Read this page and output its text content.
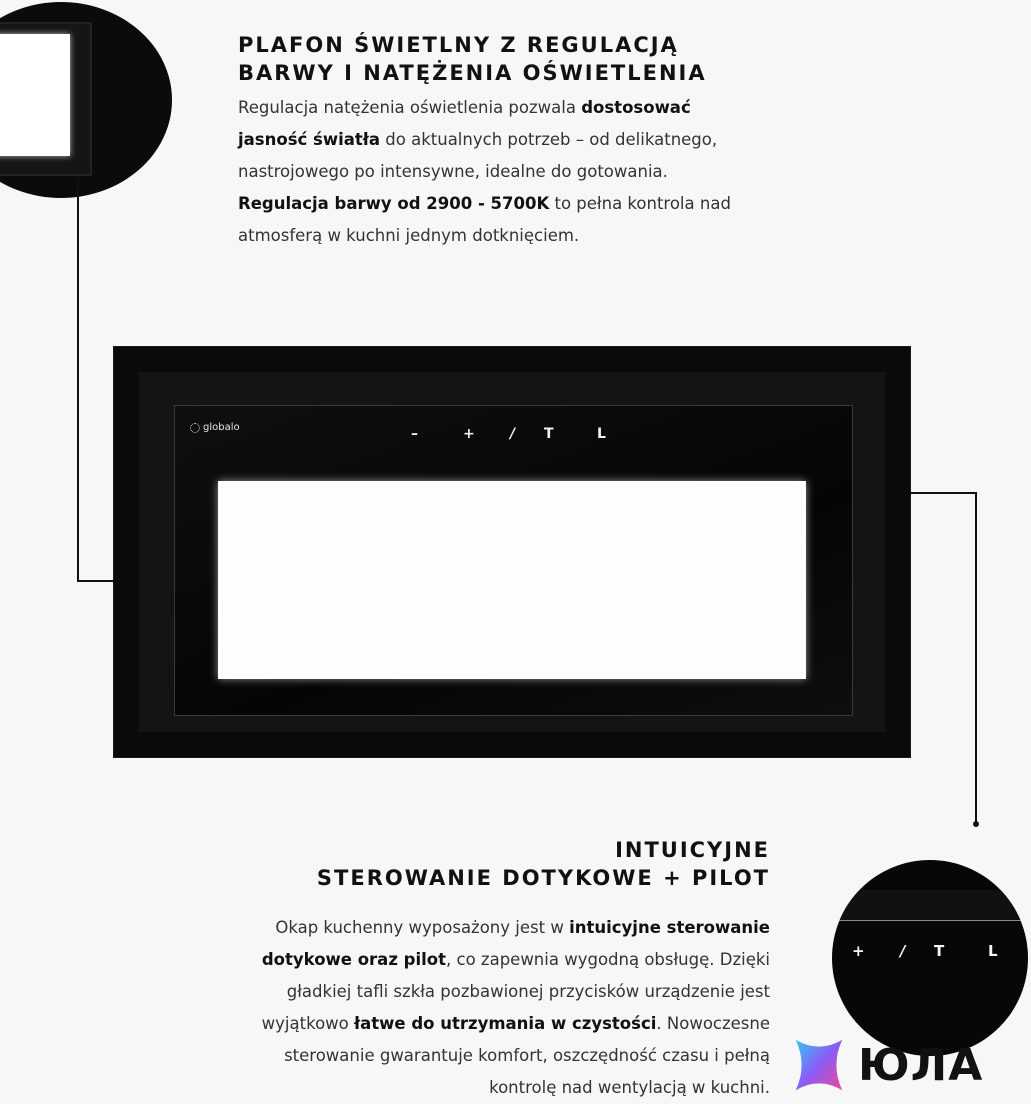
PLAFON ŚWIETLNY Z REGULACJĄ
BARWY I NATĘŻENIA OŚWIETLENIA
Regulacja natężenia oświetlenia pozwala dostosować
jasność światła do aktualnych potrzeb – od delikatnego,
nastrojowego po intensywne, idealne do gotowania.
Regulacja barwy od 2900 - 5700K to pełna kontrola nad
atmosferą w kuchni jednym dotknięciem.
globalo	–	+	/ T	L
INTUICYJNE
STEROWANIE DOTYKOWE + PILOT
Okap kuchenny wyposażony jest w intuicyjne sterowanie
dotykowe oraz pilot, co zapewnia wygodną obsługę. Dzięki
gładkiej tafli szkła pozbawionej przycisków urządzenie jest
wyjątkowo łatwe do utrzymania w czystości. Nowoczesne
sterowanie gwarantuje komfort, oszczędność czasu i pełną
kontrolę nad wentylacją w kuchni.
+ / T	L
ЮЛА
